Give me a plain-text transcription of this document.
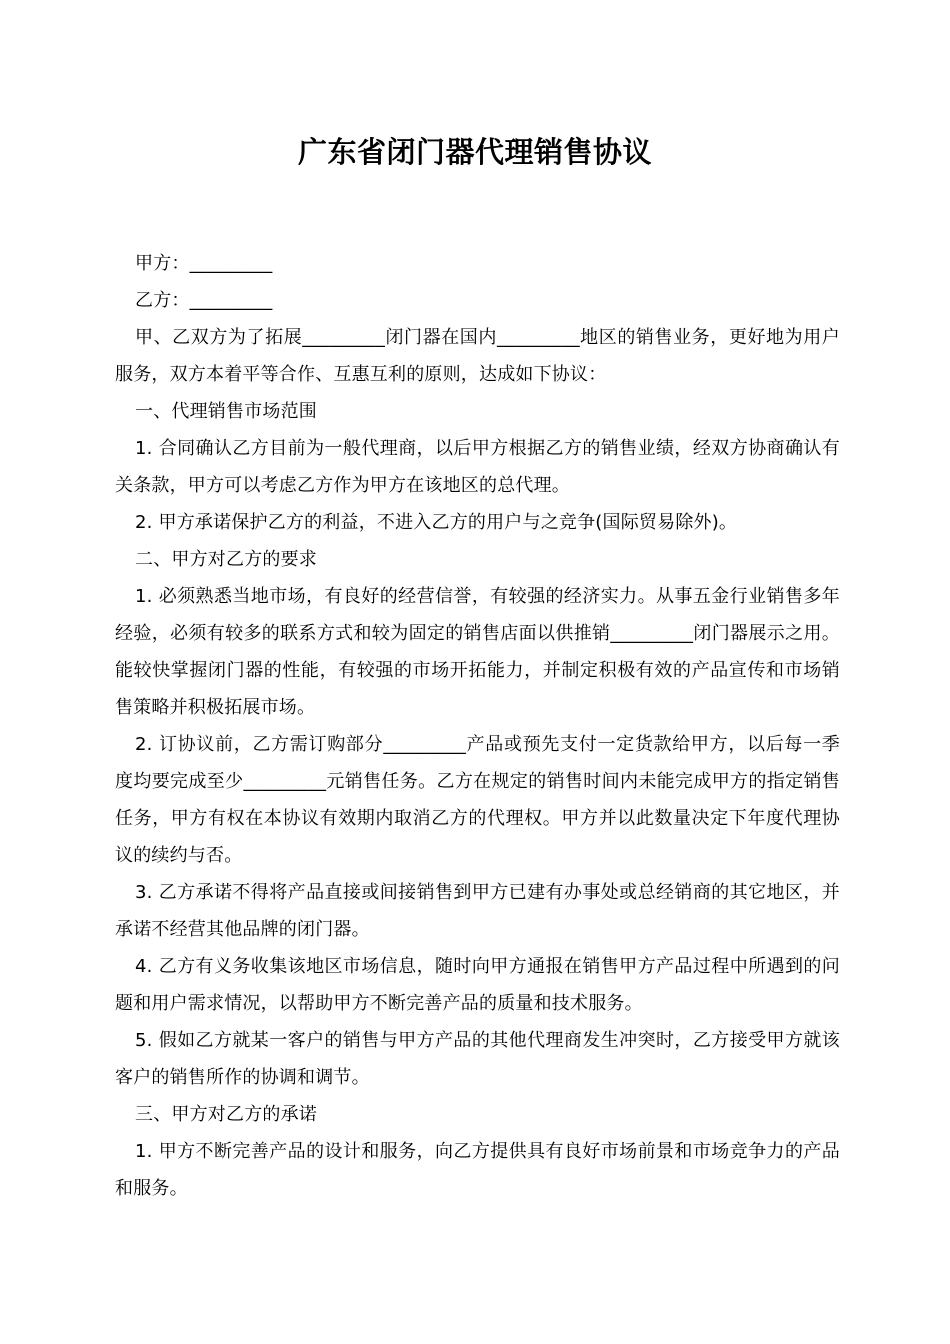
广东省闭门器代理销售协议

甲方：_________

乙方：_________

甲、乙双方为了拓展_________闭门器在国内_________地区的销售业务，更好地为用户服务，双方本着平等合作、互惠互利的原则，达成如下协议：

一、代理销售市场范围

1. 合同确认乙方目前为一般代理商，以后甲方根据乙方的销售业绩，经双方协商确认有关条款，甲方可以考虑乙方作为甲方在该地区的总代理。

2. 甲方承诺保护乙方的利益，不进入乙方的用户与之竞争(国际贸易除外)。

二、甲方对乙方的要求

1. 必须熟悉当地市场，有良好的经营信誉，有较强的经济实力。从事五金行业销售多年经验，必须有较多的联系方式和较为固定的销售店面以供推销_________闭门器展示之用。能较快掌握闭门器的性能，有较强的市场开拓能力，并制定积极有效的产品宣传和市场销售策略并积极拓展市场。

2. 订协议前，乙方需订购部分_________产品或预先支付一定货款给甲方，以后每一季度均要完成至少_________元销售任务。乙方在规定的销售时间内未能完成甲方的指定销售任务，甲方有权在本协议有效期内取消乙方的代理权。甲方并以此数量决定下年度代理协议的续约与否。

3. 乙方承诺不得将产品直接或间接销售到甲方已建有办事处或总经销商的其它地区，并承诺不经营其他品牌的闭门器。

4. 乙方有义务收集该地区市场信息，随时向甲方通报在销售甲方产品过程中所遇到的问题和用户需求情况，以帮助甲方不断完善产品的质量和技术服务。

5. 假如乙方就某一客户的销售与甲方产品的其他代理商发生冲突时，乙方接受甲方就该客户的销售所作的协调和调节。

三、甲方对乙方的承诺

1. 甲方不断完善产品的设计和服务，向乙方提供具有良好市场前景和市场竞争力的产品和服务。
